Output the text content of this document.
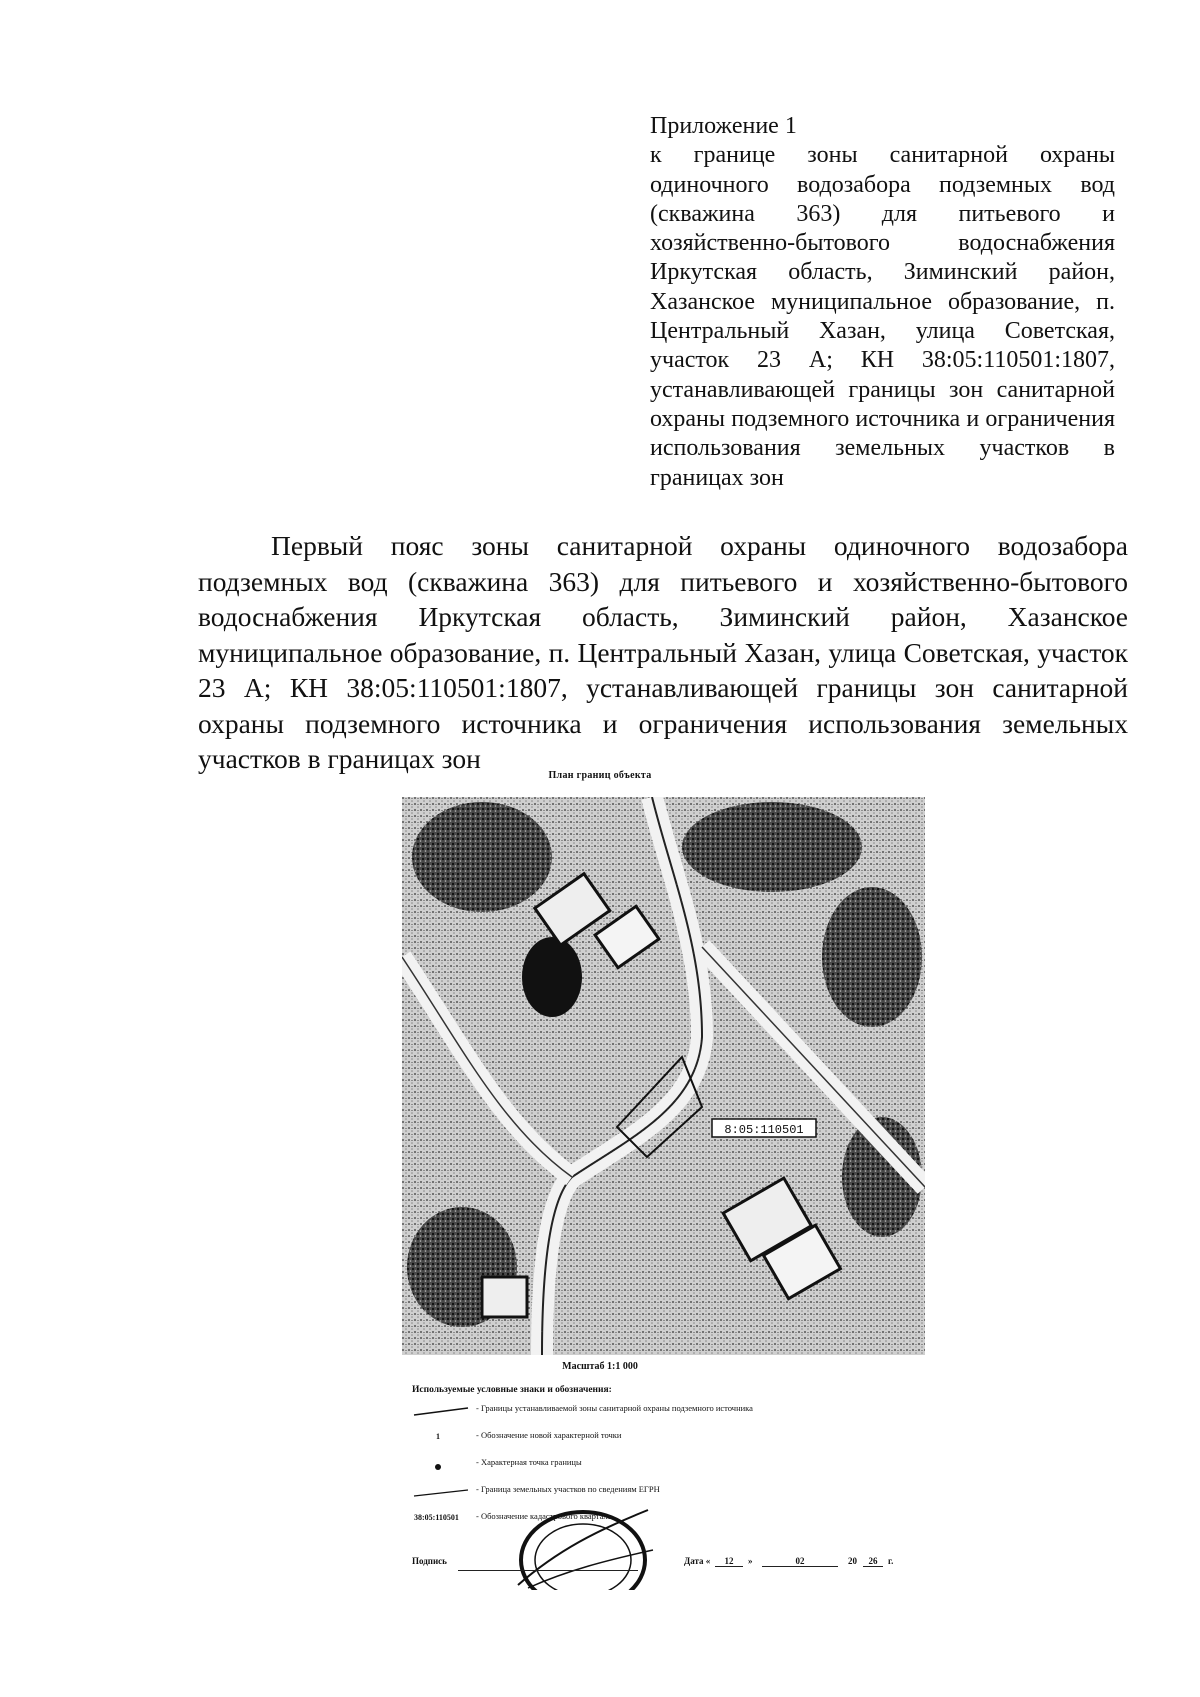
Приложение 1
к границе зоны санитарной охраны одиночного водозабора подземных вод (скважина 363) для питьевого и хозяйственно-бытового водоснабжения Иркутская область, Зиминский район, Хазанское муниципальное образование, п. Центральный Хазан, улица Советская, участок 23 А; КН 38:05:110501:1807, устанавливающей границы зон санитарной охраны подземного источника и ограничения использования земельных участков в границах зон
Первый пояс зоны санитарной охраны одиночного водозабора подземных вод (скважина 363) для питьевого и хозяйственно-бытового водоснабжения Иркутская область, Зиминский район, Хазанское муниципальное образование, п. Центральный Хазан, улица Советская, участок 23 А; КН 38:05:110501:1807, устанавливающей границы зон санитарной охраны подземного источника и ограничения использования земельных участков в границах зон
План границ объекта
8:05:110501
Масштаб 1:1 000
Используемые условные знаки и обозначения:
- Границы устанавливаемой зоны санитарной охраны подземного источника
1	- Обозначение новой характерной точки
- Характерная точка границы
- Граница земельных участков по сведениям ЕГРН
38:05:110501 - Обозначение кадастрового квартала
Подпись	Дата «	12	»	02	20	26	г.
